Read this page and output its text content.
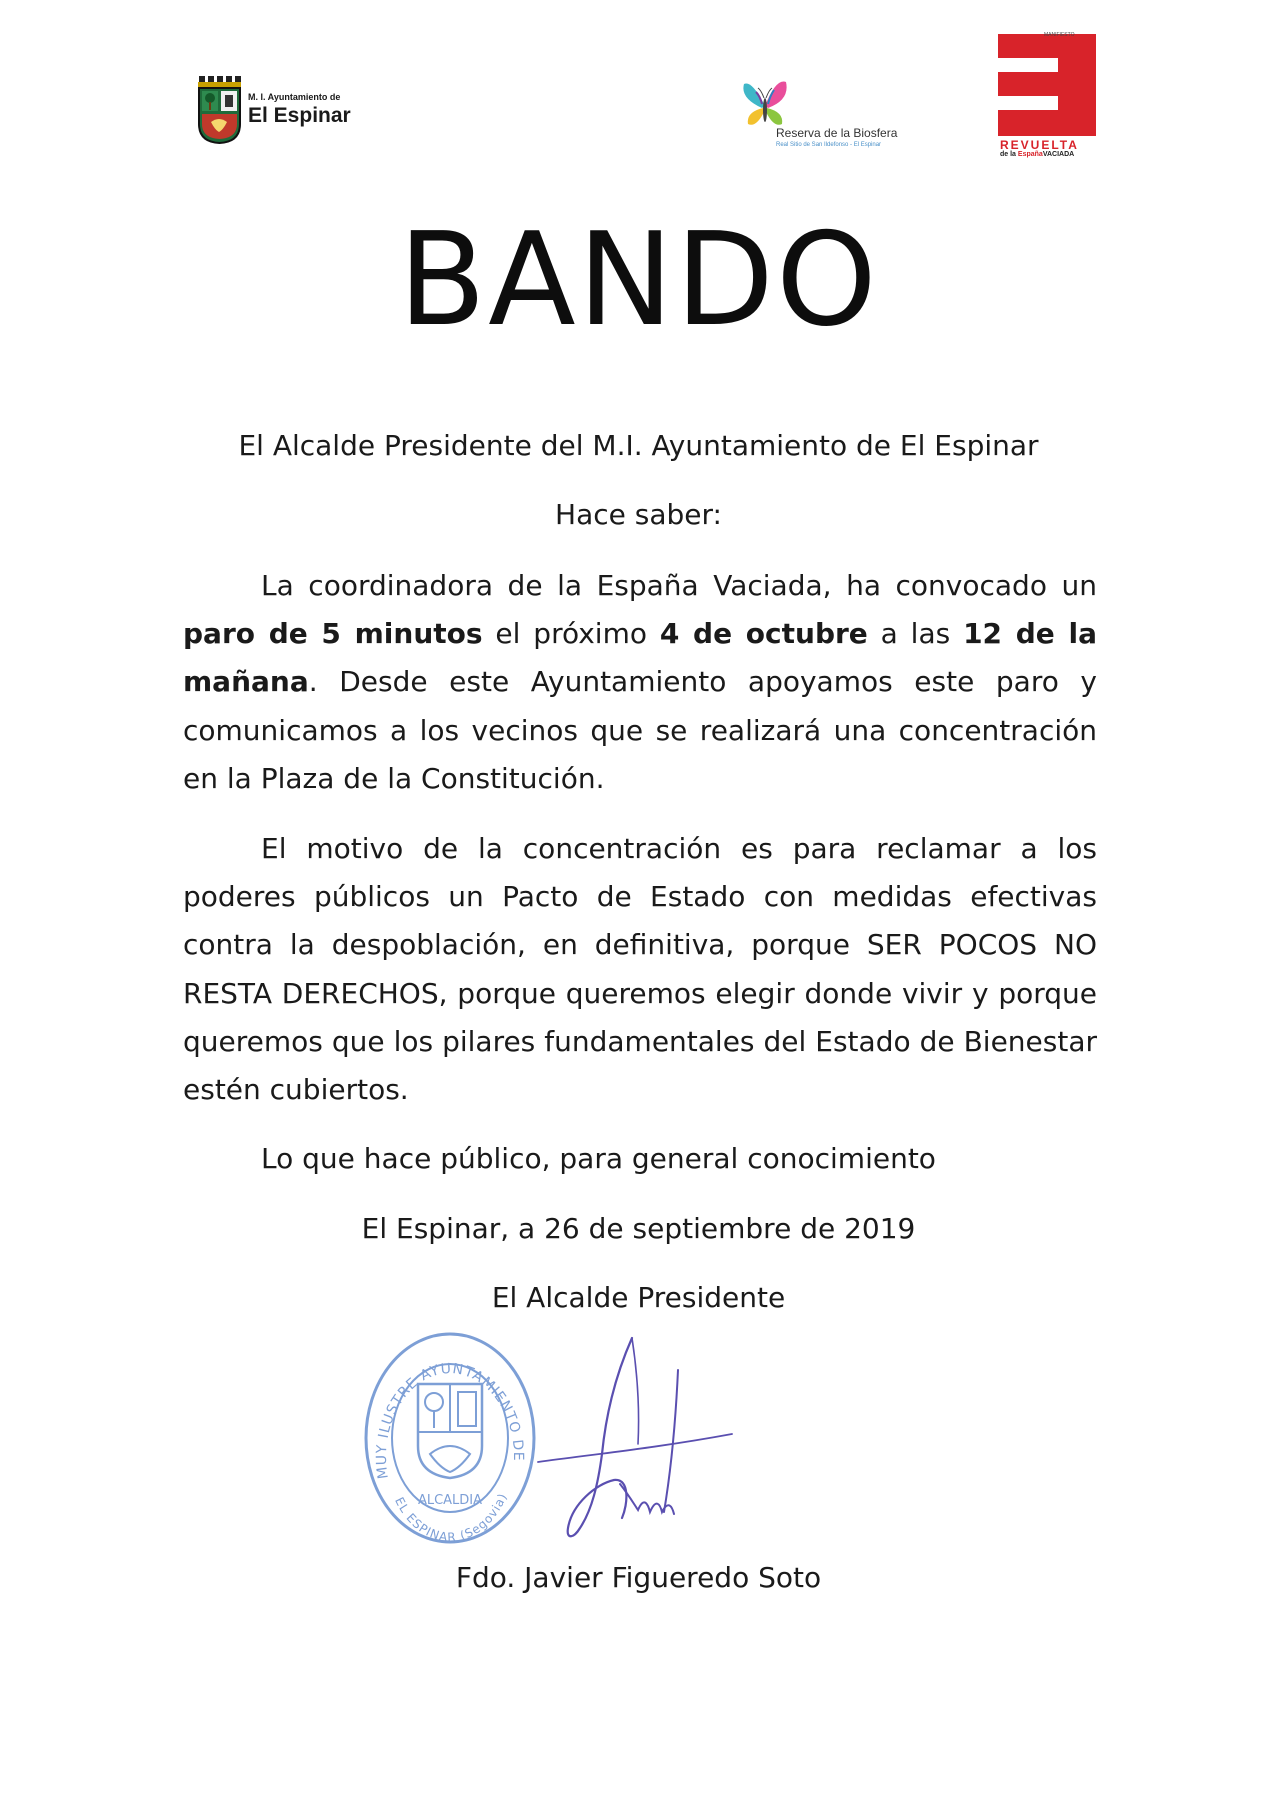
M. I. Ayuntamiento de
El Espinar
Reserva de la Biosfera
Real Sitio de San Ildefonso - El Espinar
MANIFIESTO
REVUELTA
de la EspañaVACIADA
BANDO
El Alcalde Presidente del M.I. Ayuntamiento de El Espinar
Hace saber:
La coordinadora de la España Vaciada, ha convocado un paro de 5 minutos el próximo 4 de octubre a las 12 de la mañana. Desde este Ayuntamiento apoyamos este paro y comunicamos a los vecinos que se realizará una concentración en la Plaza de la Constitución.
El motivo de la concentración es para reclamar a los poderes públicos un Pacto de Estado con medidas efectivas contra la despoblación, en definitiva, porque SER POCOS NO RESTA DERECHOS, porque queremos elegir donde vivir y porque queremos que los pilares fundamentales del Estado de Bienestar estén cubiertos.
Lo que hace público, para general conocimiento
El Espinar, a 26 de septiembre de 2019
El Alcalde Presidente
MUY ILUSTRE AYUNTAMIENTO DE
EL ESPINAR (Segovia)
ALCALDIA
Fdo. Javier Figueredo Soto
